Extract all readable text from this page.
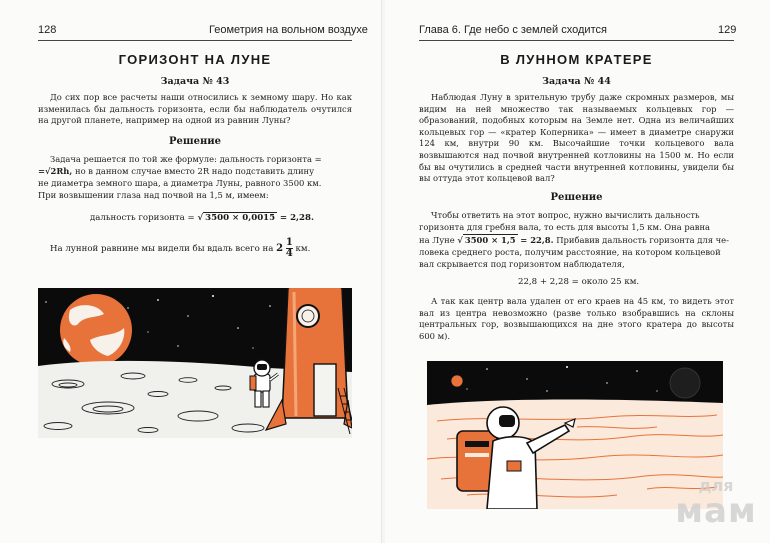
128	Геометрия на вольном воздухе
ГОРИЗОНТ НА ЛУНЕ
Задача № 43
До сих пор все расчеты наши относились к земному шару. Но как изменилась бы дальность горизонта, если бы наблюдатель очутился на другой планете, например на одной из равнин Луны?
Решение
Задача решается по той же формуле: дальность горизонта =
=√2Rh, но в данном случае вместо 2R надо подставить длину
не диаметра земного шара, а диаметра Луны, равного 3500 км.
При возвышении глаза над почвой на 1,5 м, имеем:
дальность горизонта = √ 3500 × 0,0015 = 2,28.
На лунной равнине мы видели бы вдаль всего на $2 \frac{1}{4}$ км.
Глава 6. Где небо с землей сходится	129
В ЛУННОМ КРАТЕРЕ
Задача № 44
Наблюдая Луну в зрительную трубу даже скромных размеров, мы видим на ней множество так называемых кольцевых гор — образований, подобных которым на Земле нет. Одна из величайших кольцевых гор — «кратер Коперника» — имеет в диаметре снаружи 124 км, внутри 90 км. Высочайшие точки кольцевого вала возвышаются над почвой внутренней котловины на 1500 м. Но если бы вы очутились в средней части внутренней котловины, увидели бы вы оттуда этот кольцевой вал?
Решение
Чтобы ответить на этот вопрос, нужно вычислить дальность
горизонта для гребня вала, то есть для высоты 1,5 км. Она равна
на Луне √ 3500 × 1,5 = 22,8. Прибавив дальность горизонта для че-
ловека среднего роста, получим расстояние, на котором кольцевой
вал скрывается под горизонтом наблюдателя,
22,8 + 2,28 = около 25 км.
А так как центр вала удален от его краев на 45 км, то видеть этот вал из центра невозможно (разве только взобравшись на склоны центральных гор, возвышающихся на дне этого кратера до высоты 600 м).
для
мам
